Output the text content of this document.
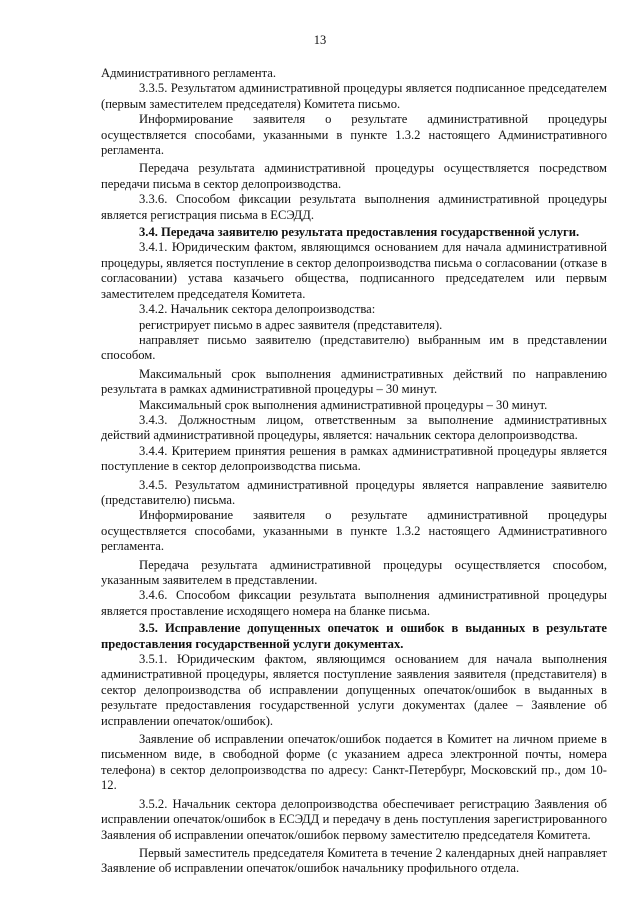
13

Административного регламента.

3.3.5. Результатом административной процедуры является подписанное председателем (первым заместителем председателя) Комитета письмо.

Информирование заявителя о результате административной процедуры осуществляется способами, указанными в пункте 1.3.2 настоящего Административного регламента.

Передача результата административной процедуры осуществляется посредством передачи письма в сектор делопроизводства.

3.3.6. Способом фиксации результата выполнения административной процедуры является регистрация письма в ЕСЭДД.

3.4. Передача заявителю результата предоставления государственной услуги.

3.4.1. Юридическим фактом, являющимся основанием для начала административной процедуры, является поступление в сектор делопроизводства письма о согласовании (отказе в согласовании) устава казачьего общества, подписанного председателем или первым заместителем председателя Комитета.

3.4.2. Начальник сектора делопроизводства:

регистрирует письмо в адрес заявителя (представителя).

направляет письмо заявителю (представителю) выбранным им в представлении способом.

Максимальный срок выполнения административных действий по направлению результата в рамках административной процедуры – 30 минут.

Максимальный срок выполнения административной процедуры – 30 минут.

3.4.3. Должностным лицом, ответственным за выполнение административных действий административной процедуры, является: начальник сектора делопроизводства.

3.4.4. Критерием принятия решения в рамках административной процедуры является поступление в сектор делопроизводства письма.

3.4.5. Результатом административной процедуры является направление заявителю (представителю) письма.

Информирование заявителя о результате административной процедуры осуществляется способами, указанными в пункте 1.3.2 настоящего Административного регламента.

Передача результата административной процедуры осуществляется способом, указанным заявителем в представлении.

3.4.6. Способом фиксации результата выполнения административной процедуры является проставление исходящего номера на бланке письма.

3.5. Исправление допущенных опечаток и ошибок в выданных в результате предоставления государственной услуги документах.

3.5.1. Юридическим фактом, являющимся основанием для начала выполнения административной процедуры, является поступление заявления заявителя (представителя) в сектор делопроизводства об исправлении допущенных опечаток/ошибок в выданных в результате предоставления государственной услуги документах (далее – Заявление об исправлении опечаток/ошибок).

Заявление об исправлении опечаток/ошибок подается в Комитет на личном приеме в письменном виде, в свободной форме (с указанием адреса электронной почты, номера телефона) в сектор делопроизводства по адресу: Санкт-Петербург, Московский пр., дом 10-12.

3.5.2. Начальник сектора делопроизводства обеспечивает регистрацию Заявления об исправлении опечаток/ошибок в ЕСЭДД и передачу в день поступления зарегистрированного Заявления об исправлении опечаток/ошибок первому заместителю председателя Комитета.

Первый заместитель председателя Комитета в течение 2 календарных дней направляет Заявление об исправлении опечаток/ошибок начальнику профильного отдела.
